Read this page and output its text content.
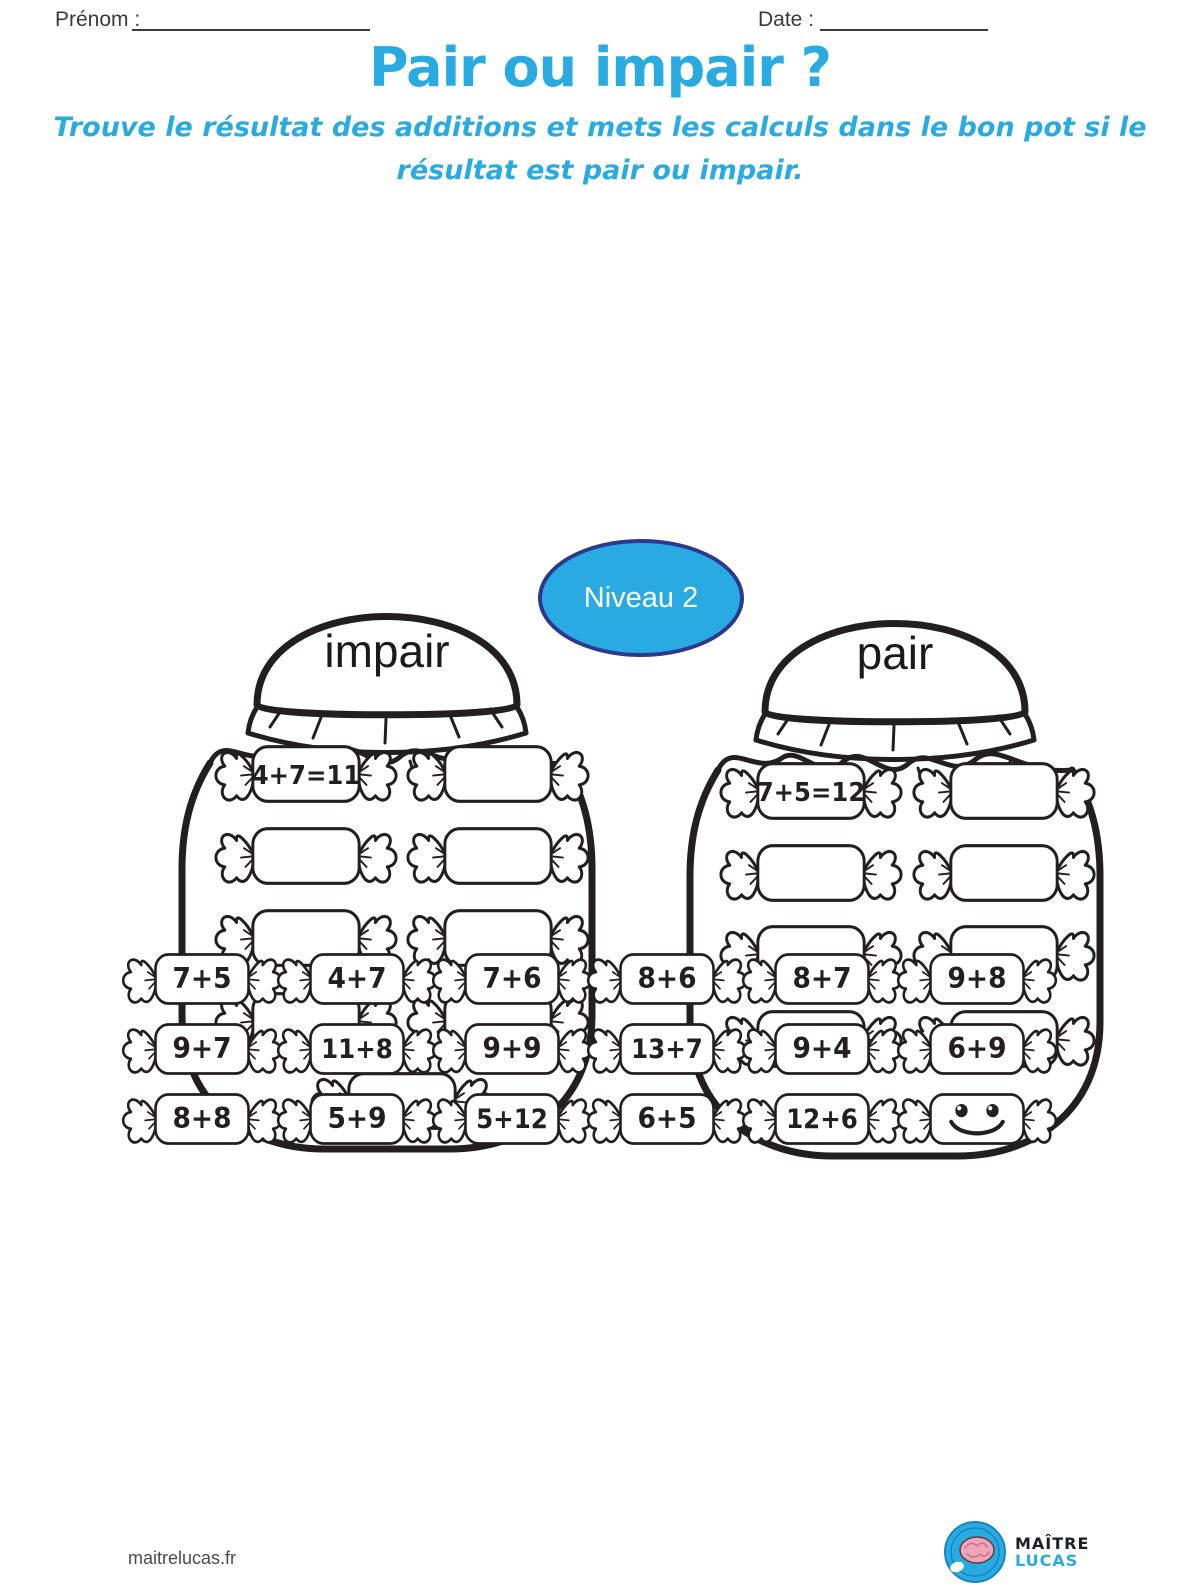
Prénom :	Date :
Pair ou impair ?
Trouve le résultat des additions et mets les calculs dans le bon pot si le résultat est pair ou impair.
impair	pair
Niveau 2
4+7=11
7+5=12
7+5 4+7 7+6 8+6 8+7 9+8
9+7 11+8 9+9 13+7 9+4 6+9
8+8 5+9 5+12 6+5 12+6
maitrelucas.fr
MAÎTRE
LUCAS
